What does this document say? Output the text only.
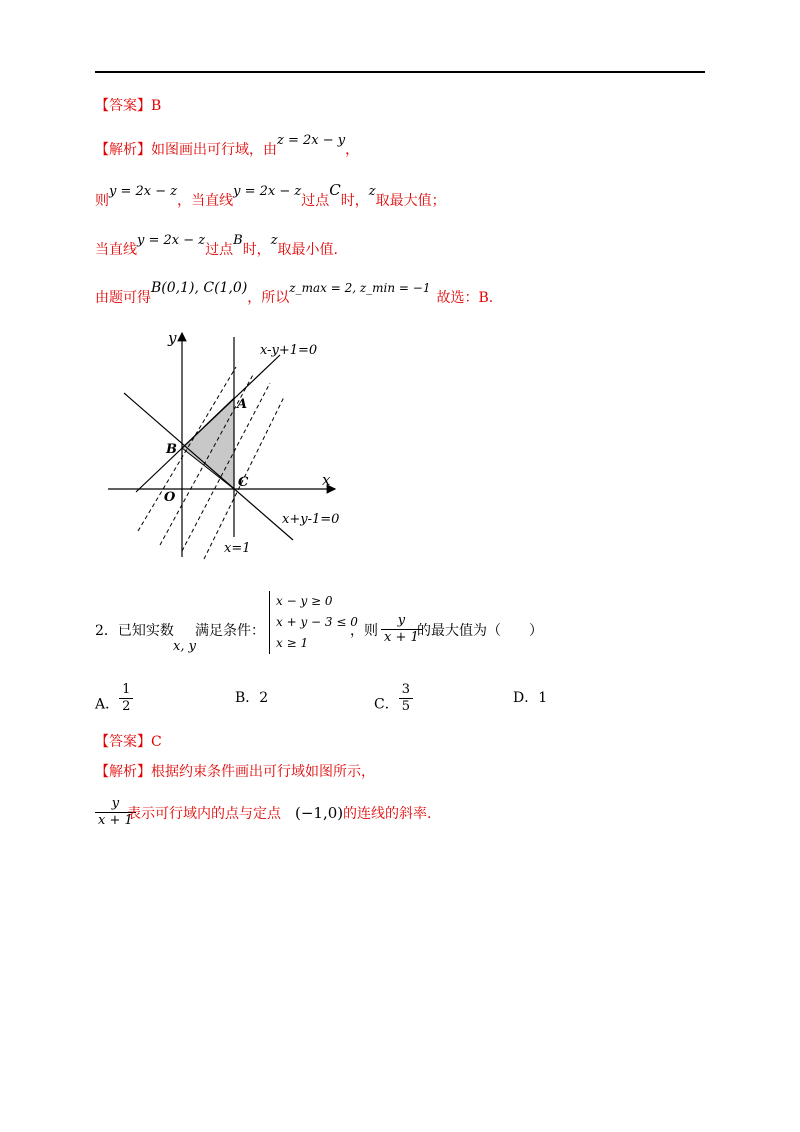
【答案】B
【解析】如图画出可行域，由z = 2x − y，
则y = 2x − z，当直线y = 2x − z过点C时，z取最大值；
当直线y = 2x − z过点B时，z取最小值.
由题可得B(0,1), C(1,0)，所以z_max = 2, z_min = −1故选：B.
y
x
O
A
B
C
x-y+1=0
x+y-1=0
x=1
2．已知实数
x, y
满足条件：
x − y ≥ 0
x + y − 3 ≤ 0
x ≥ 1
，则 $\frac{y}{x + 1}$
的最大值为（　　）
A． $\frac{1}{2}$	B．2	C． $\frac{3}{5}$	D．1
【答案】C
【解析】根据约束条件画出可行域如图所示，
$\frac{y}{x + 1}$
表示可行域内的点与定点 (−1,0) 的连线的斜率.
